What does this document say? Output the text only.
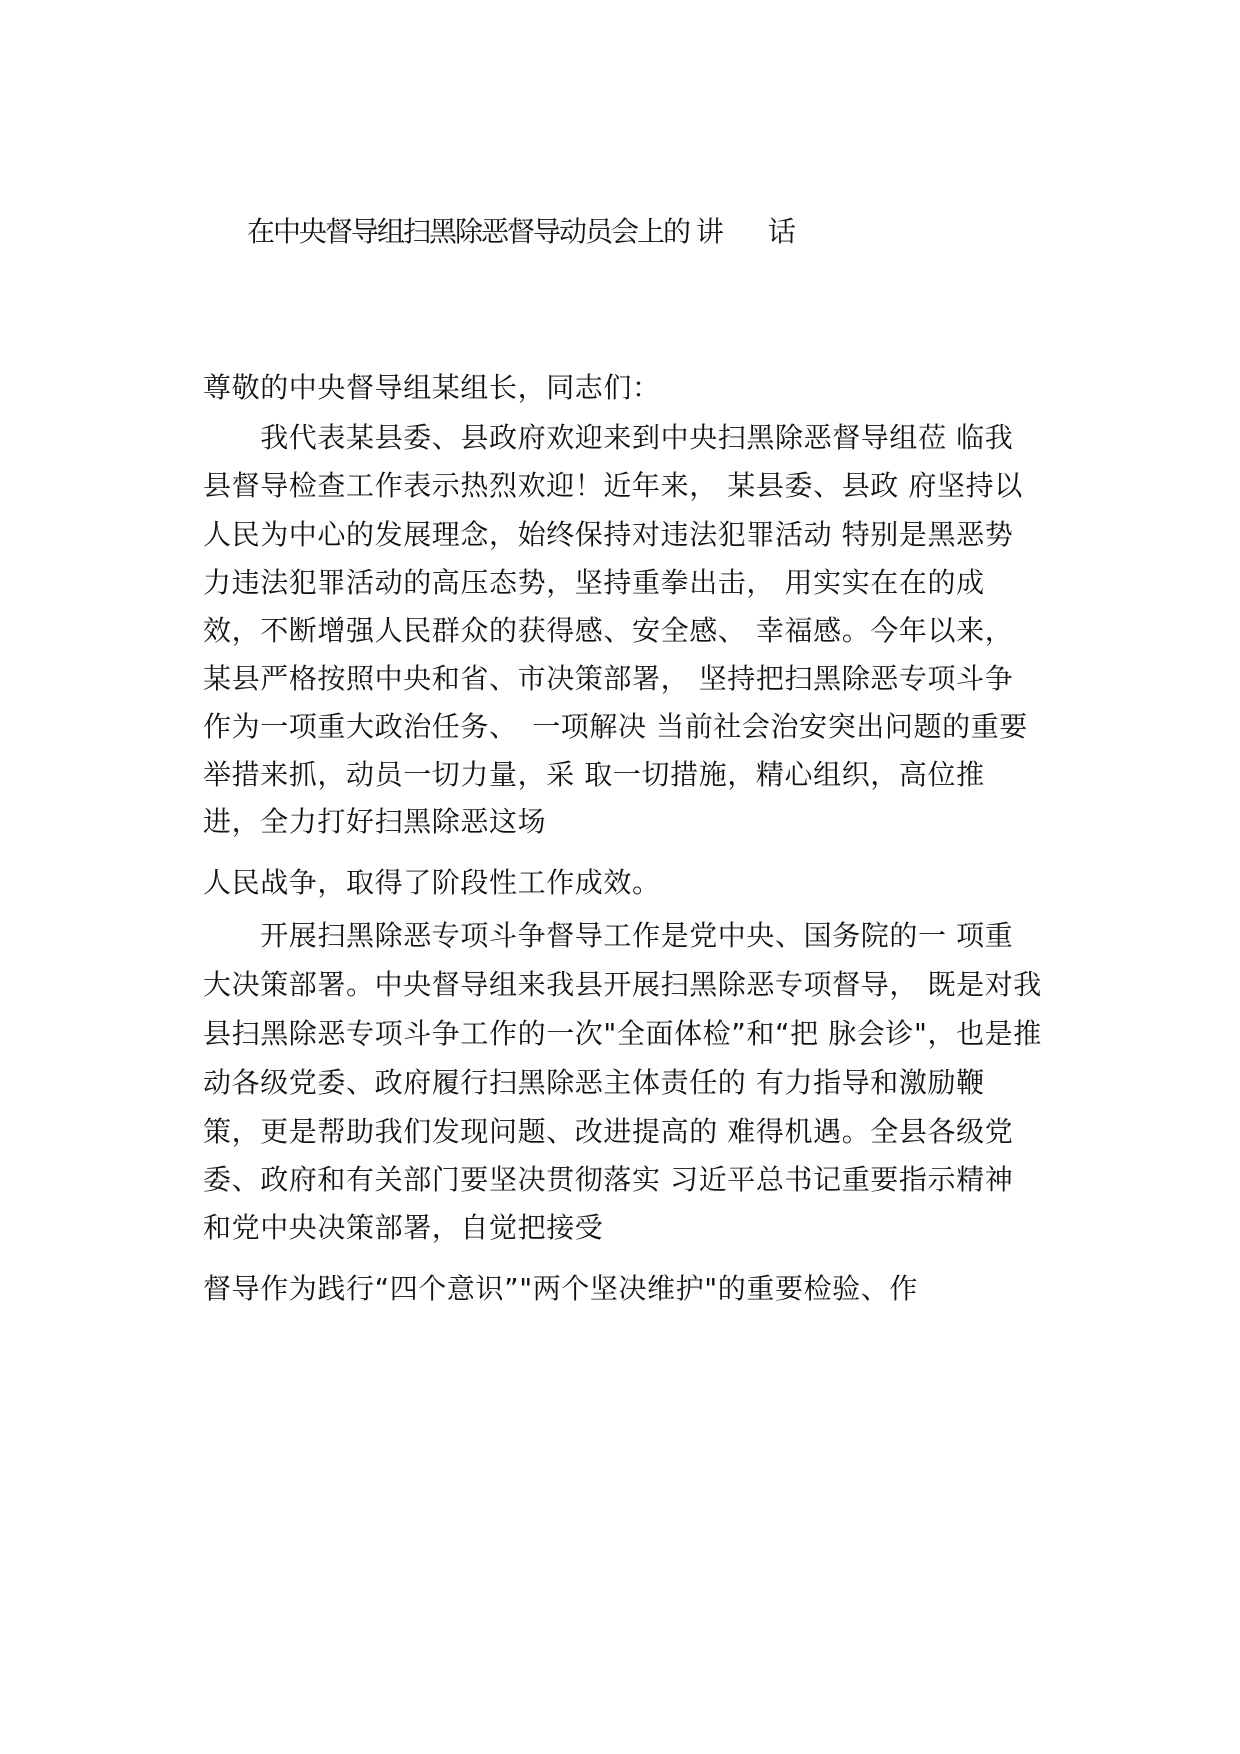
在中央督导组扫黑除恶督导动员会上的 讲 话
尊敬的中央督导组某组长，同志们：
　　我代表某县委、县政府欢迎来到中央扫黑除恶督导组莅 临我
县督导检查工作表示热烈欢迎！近年来， 某县委、县政 府坚持以
人民为中心的发展理念，始终保持对违法犯罪活动 特别是黑恶势
力违法犯罪活动的高压态势，坚持重拳出击， 用实实在在的成
效，不断增强人民群众的获得感、安全感、 幸福感。今年以来，
某县严格按照中央和省、市决策部署， 坚持把扫黑除恶专项斗争
作为一项重大政治任务、　一项解决 当前社会治安突出问题的重要
举措来抓，动员一切力量，采 取一切措施，精心组织，高位推
进，全力打好扫黑除恶这场
人民战争，取得了阶段性工作成效。
　　开展扫黑除恶专项斗争督导工作是党中央、国务院的一 项重
大决策部署。中央督导组来我县开展扫黑除恶专项督导， 既是对我
县扫黑除恶专项斗争工作的一次"全面体检”和“把 脉会诊"，也是推
动各级党委、政府履行扫黑除恶主体责任的 有力指导和激励鞭
策，更是帮助我们发现问题、改进提高的 难得机遇。全县各级党
委、政府和有关部门要坚决贯彻落实 习近平总书记重要指示精神
和党中央决策部署，自觉把接受
督导作为践行“四个意识”"两个坚决维护"的重要检验、作
